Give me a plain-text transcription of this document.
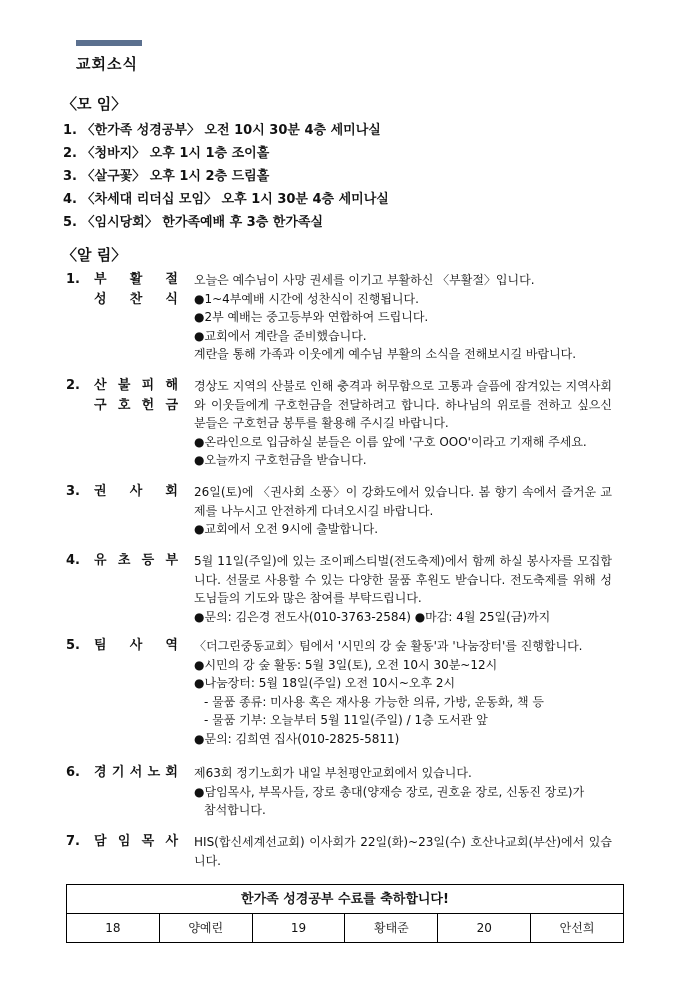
교회소식
〈모 임〉
1. 〈한가족 성경공부〉 오전 10시 30분 4층 세미나실
2. 〈청바지〉 오후 1시 1층 조이홀
3. 〈살구꽃〉 오후 1시 2층 드림홀
4. 〈차세대 리더십 모임〉 오후 1시 30분 4층 세미나실
5. 〈임시당회〉 한가족예배 후 3층 한가족실
〈알 림〉
1. 부 활 절
성 찬 식
오늘은 예수님이 사망 권세를 이기고 부활하신 〈부활절〉입니다.
●1~4부예배 시간에 성찬식이 진행됩니다.
●2부 예배는 중고등부와 연합하여 드립니다.
●교회에서 계란을 준비했습니다.
계란을 통해 가족과 이웃에게 예수님 부활의 소식을 전해보시길 바랍니다.
2. 산 불 피 해
구 호 헌 금
경상도 지역의 산불로 인해 충격과 허무함으로 고통과 슬픔에 잠겨있는 지역사회와 이웃들에게 구호헌금을 전달하려고 합니다. 하나님의 위로를 전하고 싶으신 분들은 구호헌금 봉투를 활용해 주시길 바랍니다.
●온라인으로 입금하실 분들은 이름 앞에 '구호 OOO'이라고 기재해 주세요.
●오늘까지 구호헌금을 받습니다.
3. 권 사 회 26일(토)에 〈권사회 소풍〉이 강화도에서 있습니다. 봄 향기 속에서 즐거운 교제를 나누시고 안전하게 다녀오시길 바랍니다.
●교회에서 오전 9시에 출발합니다.
4. 유 초 등 부 5월 11일(주일)에 있는 조이페스티벌(전도축제)에서 함께 하실 봉사자를 모집합니다. 선물로 사용할 수 있는 다양한 물품 후원도 받습니다. 전도축제를 위해 성도님들의 기도와 많은 참여를 부탁드립니다.
●문의: 김은경 전도사(010-3763-2584) ●마감: 4월 25일(금)까지
5. 팀 사 역 〈더그린중동교회〉팀에서 '시민의 강 숲 활동'과 '나눔장터'를 진행합니다.
●시민의 강 숲 활동: 5월 3일(토), 오전 10시 30분~12시
●나눔장터: 5월 18일(주일) 오전 10시~오후 2시
- 물품 종류: 미사용 혹은 재사용 가능한 의류, 가방, 운동화, 책 등
- 물품 기부: 오늘부터 5월 11일(주일) / 1층 도서관 앞
●문의: 김희연 집사(010-2825-5811)
6. 경 기 서 노 회 제63회 정기노회가 내일 부천평안교회에서 있습니다.
●담임목사, 부목사들, 장로 총대(양재승 장로, 권호윤 장로, 신동진 장로)가
참석합니다.
7. 담 임 목 사 HIS(합신세계선교회) 이사회가 22일(화)~23일(수) 호산나교회(부산)에서 있습니다.
한가족 성경공부 수료를 축하합니다!
18	양예린	19	황태준	20	안선희
